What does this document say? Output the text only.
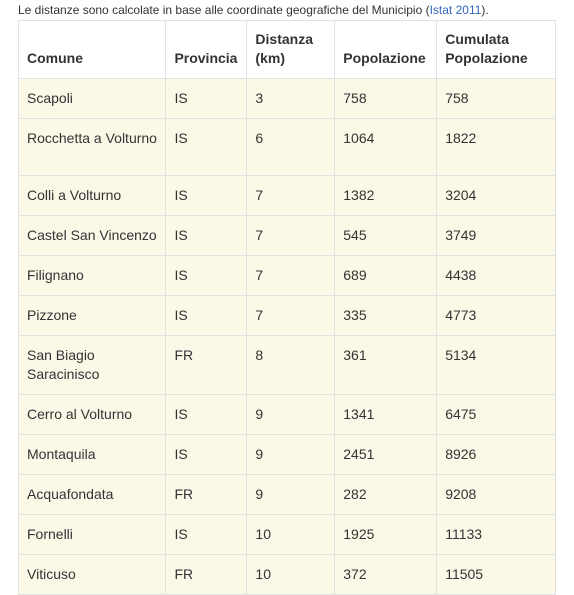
Le distanze sono calcolate in base alle coordinate geografiche del Municipio (Istat 2011).
Comune	Provincia	Distanza (km)	Popolazione	Cumulata Popolazione
Scapoli	IS	3	758	758
Rocchetta a Volturno	IS	6	1064	1822
Colli a Volturno	IS	7	1382	3204
Castel San Vincenzo	IS	7	545	3749
Filignano	IS	7	689	4438
Pizzone	IS	7	335	4773
San Biagio Saracinisco	FR	8	361	5134
Cerro al Volturno	IS	9	1341	6475
Montaquila	IS	9	2451	8926
Acquafondata	FR	9	282	9208
Fornelli	IS	10	1925	11133
Viticuso	FR	10	372	11505
